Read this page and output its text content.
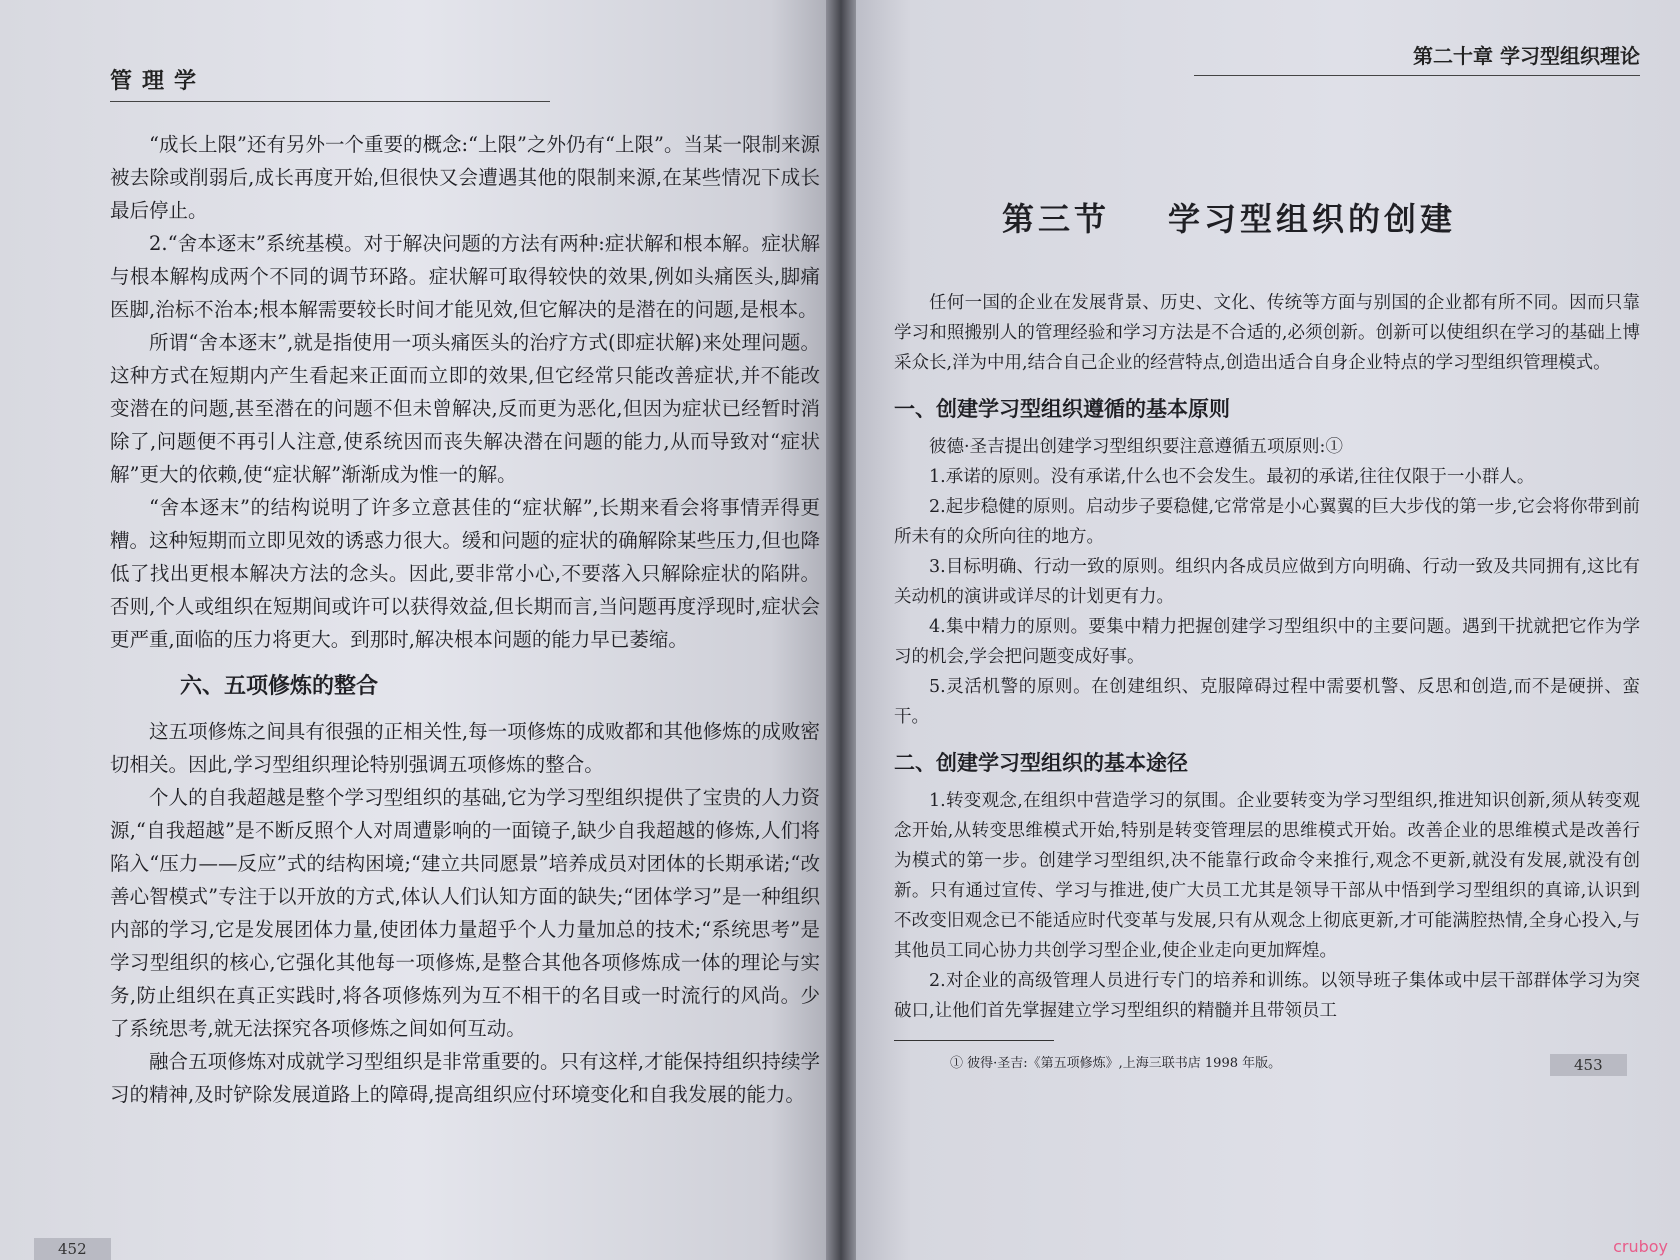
管理学

“成长上限”还有另外一个重要的概念:“上限”之外仍有“上限”。当某一限制来源被去除或削弱后,成长再度开始,但很快又会遭遇其他的限制来源,在某些情况下成长最后停止。

2.“舍本逐末”系统基模。对于解决问题的方法有两种:症状解和根本解。症状解与根本解构成两个不同的调节环路。症状解可取得较快的效果,例如头痛医头,脚痛医脚,治标不治本;根本解需要较长时间才能见效,但它解决的是潜在的问题,是根本。

所谓“舍本逐末”,就是指使用一项头痛医头的治疗方式(即症状解)来处理问题。这种方式在短期内产生看起来正面而立即的效果,但它经常只能改善症状,并不能改变潜在的问题,甚至潜在的问题不但未曾解决,反而更为恶化,但因为症状已经暂时消除了,问题便不再引人注意,使系统因而丧失解决潜在问题的能力,从而导致对“症状解”更大的依赖,使“症状解”渐渐成为惟一的解。

“舍本逐末”的结构说明了许多立意甚佳的“症状解”,长期来看会将事情弄得更糟。这种短期而立即见效的诱惑力很大。缓和问题的症状的确解除某些压力,但也降低了找出更根本解决方法的念头。因此,要非常小心,不要落入只解除症状的陷阱。否则,个人或组织在短期间或许可以获得效益,但长期而言,当问题再度浮现时,症状会更严重,面临的压力将更大。到那时,解决根本问题的能力早已萎缩。

六、五项修炼的整合

这五项修炼之间具有很强的正相关性,每一项修炼的成败都和其他修炼的成败密切相关。因此,学习型组织理论特别强调五项修炼的整合。

个人的自我超越是整个学习型组织的基础,它为学习型组织提供了宝贵的人力资源,“自我超越”是不断反照个人对周遭影响的一面镜子,缺少自我超越的修炼,人们将陷入“压力——反应”式的结构困境;“建立共同愿景”培养成员对团体的长期承诺;“改善心智模式”专注于以开放的方式,体认人们认知方面的缺失;“团体学习”是一种组织内部的学习,它是发展团体力量,使团体力量超乎个人力量加总的技术;“系统思考”是学习型组织的核心,它强化其他每一项修炼,是整合其他各项修炼成一体的理论与实务,防止组织在真正实践时,将各项修炼列为互不相干的名目或一时流行的风尚。少了系统思考,就无法探究各项修炼之间如何互动。

融合五项修炼对成就学习型组织是非常重要的。只有这样,才能保持组织持续学习的精神,及时铲除发展道路上的障碍,提高组织应付环境变化和自我发展的能力。

第二十章 学习型组织理论
第三节 学习型组织的创建

任何一国的企业在发展背景、历史、文化、传统等方面与别国的企业都有所不同。因而只靠学习和照搬别人的管理经验和学习方法是不合适的,必须创新。创新可以使组织在学习的基础上博采众长,洋为中用,结合自己企业的经营特点,创造出适合自身企业特点的学习型组织管理模式。

一、创建学习型组织遵循的基本原则

彼德·圣吉提出创建学习型组织要注意遵循五项原则:①

1.承诺的原则。没有承诺,什么也不会发生。最初的承诺,往往仅限于一小群人。

2.起步稳健的原则。启动步子要稳健,它常常是小心翼翼的巨大步伐的第一步,它会将你带到前所未有的众所向往的地方。

3.目标明确、行动一致的原则。组织内各成员应做到方向明确、行动一致及共同拥有,这比有关动机的演讲或详尽的计划更有力。

4.集中精力的原则。要集中精力把握创建学习型组织中的主要问题。遇到干扰就把它作为学习的机会,学会把问题变成好事。

5.灵活机警的原则。在创建组织、克服障碍过程中需要机警、反思和创造,而不是硬拼、蛮干。

二、创建学习型组织的基本途径

1.转变观念,在组织中营造学习的氛围。企业要转变为学习型组织,推进知识创新,须从转变观念开始,从转变思维模式开始,特别是转变管理层的思维模式开始。改善企业的思维模式是改善行为模式的第一步。创建学习型组织,决不能靠行政命令来推行,观念不更新,就没有发展,就没有创新。只有通过宣传、学习与推进,使广大员工尤其是领导干部从中悟到学习型组织的真谛,认识到不改变旧观念已不能适应时代变革与发展,只有从观念上彻底更新,才可能满腔热情,全身心投入,与其他员工同心协力共创学习型企业,使企业走向更加辉煌。

2.对企业的高级管理人员进行专门的培养和训练。以领导班子集体或中层干部群体学习为突破口,让他们首先掌握建立学习型组织的精髓并且带领员工

① 彼得·圣吉:《第五项修炼》,上海三联书店 1998 年版。

452
453
cruboy
